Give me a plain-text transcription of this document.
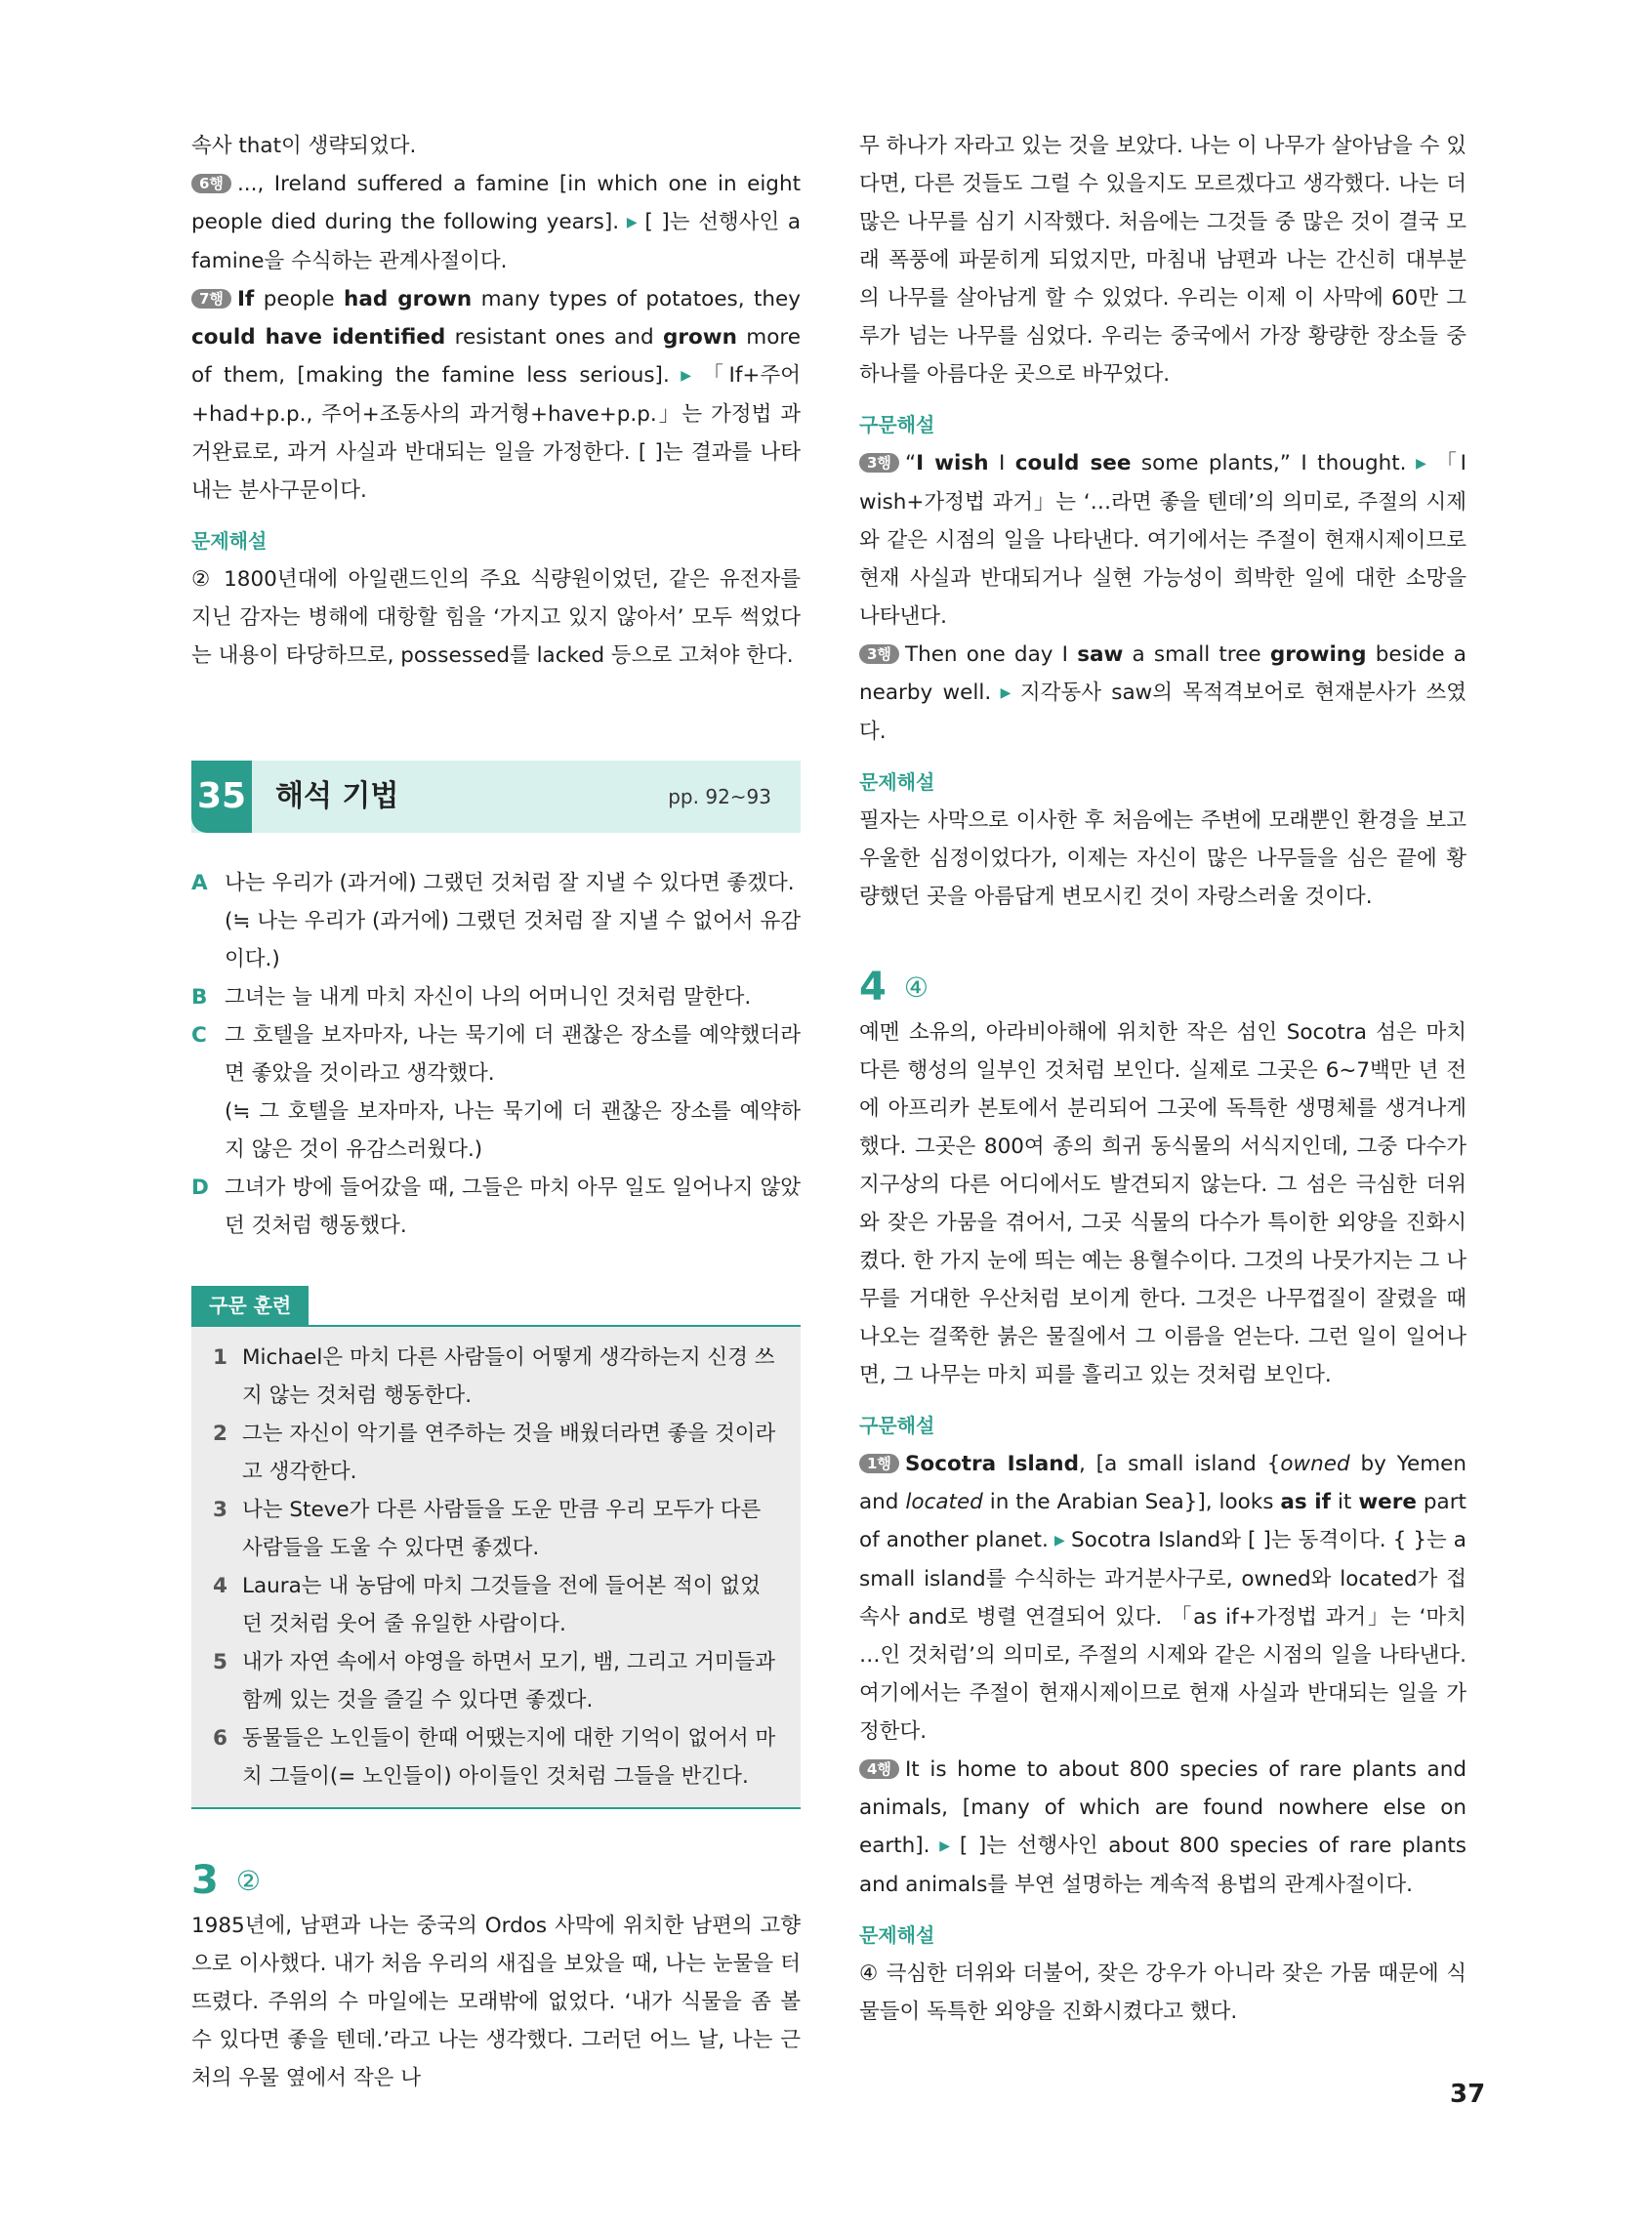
속사 that이 생략되었다.

6행 ..., Ireland suffered a famine [in which one in eight people died during the following years]. ▶ [ ]는 선행사인 a famine을 수식하는 관계사절이다.

7행 If people had grown many types of potatoes, they could have identified resistant ones and grown more of them, [making the famine less serious]. ▶ 「If+주어+had+p.p., 주어+조동사의 과거형+have+p.p.」는 가정법 과거완료로, 과거 사실과 반대되는 일을 가정한다. [ ]는 결과를 나타내는 분사구문이다.

문제해설

② 1800년대에 아일랜드인의 주요 식량원이었던, 같은 유전자를 지닌 감자는 병해에 대항할 힘을 ‘가지고 있지 않아서’ 모두 썩었다는 내용이 타당하므로, possessed를 lacked 등으로 고쳐야 한다.

35 해석 기법	pp. 92~93
A 나는 우리가 (과거에) 그랬던 것처럼 잘 지낼 수 있다면 좋겠다.
(≒ 나는 우리가 (과거에) 그랬던 것처럼 잘 지낼 수 없어서 유감이다.)
B 그녀는 늘 내게 마치 자신이 나의 어머니인 것처럼 말한다.
C 그 호텔을 보자마자, 나는 묵기에 더 괜찮은 장소를 예약했더라면 좋았을 것이라고 생각했다.
(≒ 그 호텔을 보자마자, 나는 묵기에 더 괜찮은 장소를 예약하지 않은 것이 유감스러웠다.)
D 그녀가 방에 들어갔을 때, 그들은 마치 아무 일도 일어나지 않았던 것처럼 행동했다.
구문 훈련
1 Michael은 마치 다른 사람들이 어떻게 생각하는지 신경 쓰지 않는 것처럼 행동한다.
2 그는 자신이 악기를 연주하는 것을 배웠더라면 좋을 것이라고 생각한다.
3 나는 Steve가 다른 사람들을 도운 만큼 우리 모두가 다른 사람들을 도울 수 있다면 좋겠다.
4 Laura는 내 농담에 마치 그것들을 전에 들어본 적이 없었던 것처럼 웃어 줄 유일한 사람이다.
5 내가 자연 속에서 야영을 하면서 모기, 뱀, 그리고 거미들과 함께 있는 것을 즐길 수 있다면 좋겠다.
6 동물들은 노인들이 한때 어땠는지에 대한 기억이 없어서 마치 그들이(= 노인들이) 아이들인 것처럼 그들을 반긴다.
3 ②

1985년에, 남편과 나는 중국의 Ordos 사막에 위치한 남편의 고향으로 이사했다. 내가 처음 우리의 새집을 보았을 때, 나는 눈물을 터뜨렸다. 주위의 수 마일에는 모래밖에 없었다. ‘내가 식물을 좀 볼 수 있다면 좋을 텐데.’라고 나는 생각했다. 그러던 어느 날, 나는 근처의 우물 옆에서 작은 나

무 하나가 자라고 있는 것을 보았다. 나는 이 나무가 살아남을 수 있다면, 다른 것들도 그럴 수 있을지도 모르겠다고 생각했다. 나는 더 많은 나무를 심기 시작했다. 처음에는 그것들 중 많은 것이 결국 모래 폭풍에 파묻히게 되었지만, 마침내 남편과 나는 간신히 대부분의 나무를 살아남게 할 수 있었다. 우리는 이제 이 사막에 60만 그루가 넘는 나무를 심었다. 우리는 중국에서 가장 황량한 장소들 중 하나를 아름다운 곳으로 바꾸었다.

구문해설

3행 “I wish I could see some plants,” I thought. ▶ 「I wish+가정법 과거」는 ‘…라면 좋을 텐데’의 의미로, 주절의 시제와 같은 시점의 일을 나타낸다. 여기에서는 주절이 현재시제이므로 현재 사실과 반대되거나 실현 가능성이 희박한 일에 대한 소망을 나타낸다.

3행 Then one day I saw a small tree growing beside a nearby well. ▶ 지각동사 saw의 목적격보어로 현재분사가 쓰였다.

문제해설

필자는 사막으로 이사한 후 처음에는 주변에 모래뿐인 환경을 보고 우울한 심정이었다가, 이제는 자신이 많은 나무들을 심은 끝에 황량했던 곳을 아름답게 변모시킨 것이 자랑스러울 것이다.

4 ④

예멘 소유의, 아라비아해에 위치한 작은 섬인 Socotra 섬은 마치 다른 행성의 일부인 것처럼 보인다. 실제로 그곳은 6~7백만 년 전에 아프리카 본토에서 분리되어 그곳에 독특한 생명체를 생겨나게 했다. 그곳은 800여 종의 희귀 동식물의 서식지인데, 그중 다수가 지구상의 다른 어디에서도 발견되지 않는다. 그 섬은 극심한 더위와 잦은 가뭄을 겪어서, 그곳 식물의 다수가 특이한 외양을 진화시켰다. 한 가지 눈에 띄는 예는 용혈수이다. 그것의 나뭇가지는 그 나무를 거대한 우산처럼 보이게 한다. 그것은 나무껍질이 잘렸을 때 나오는 걸쭉한 붉은 물질에서 그 이름을 얻는다. 그런 일이 일어나면, 그 나무는 마치 피를 흘리고 있는 것처럼 보인다.

구문해설

1행 Socotra Island, [a small island {owned by Yemen and located in the Arabian Sea}], looks as if it were part of another planet. ▶ Socotra Island와 [ ]는 동격이다. { }는 a small island를 수식하는 과거분사구로, owned와 located가 접속사 and로 병렬 연결되어 있다. 「as if+가정법 과거」는 ‘마치 …인 것처럼’의 의미로, 주절의 시제와 같은 시점의 일을 나타낸다. 여기에서는 주절이 현재시제이므로 현재 사실과 반대되는 일을 가정한다.

4행 It is home to about 800 species of rare plants and animals, [many of which are found nowhere else on earth]. ▶ [ ]는 선행사인 about 800 species of rare plants and animals를 부연 설명하는 계속적 용법의 관계사절이다.

문제해설

④ 극심한 더위와 더불어, 잦은 강우가 아니라 잦은 가뭄 때문에 식물들이 독특한 외양을 진화시켰다고 했다.

37
